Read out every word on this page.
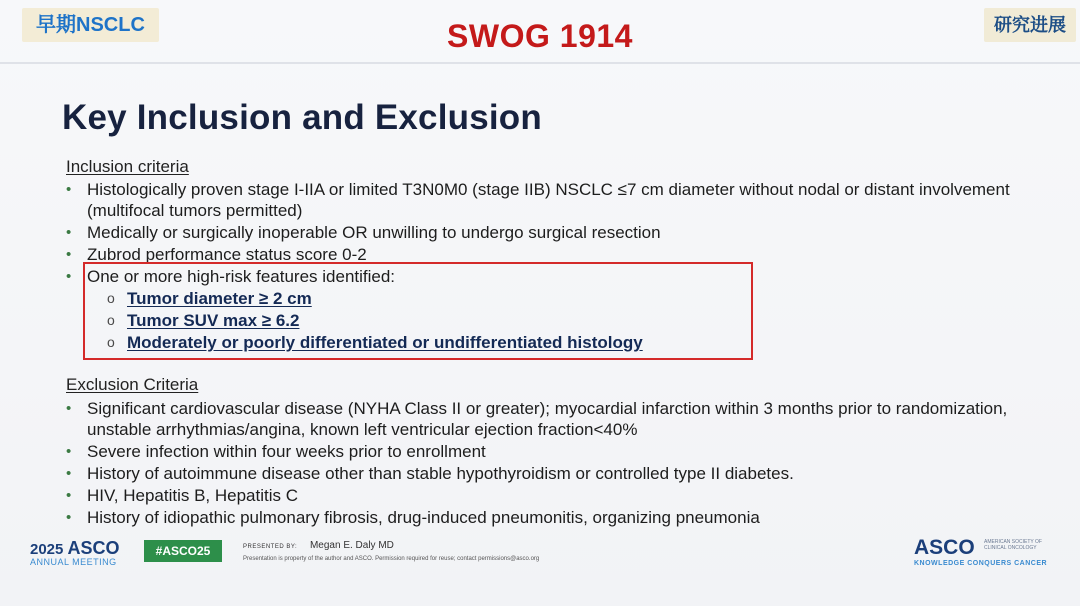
早期NSCLC	SWOG 1914	研究进展
Key Inclusion and Exclusion
Inclusion criteria
• Histologically proven stage I-IIA or limited T3N0M0 (stage IIB) NSCLC ≤7 cm diameter without nodal or distant involvement (multifocal tumors permitted)
• Medically or surgically inoperable OR unwilling to undergo surgical resection
• Zubrod performance status score 0-2
• One or more high-risk features identified:
o Tumor diameter ≥ 2 cm
o Tumor SUV max ≥ 6.2
o Moderately or poorly differentiated or undifferentiated histology
Exclusion Criteria
• Significant cardiovascular disease (NYHA Class II or greater); myocardial infarction within 3 months prior to randomization, unstable arrhythmias/angina, known left ventricular ejection fraction<40%
• Severe infection within four weeks prior to enrollment
• History of autoimmune disease other than stable hypothyroidism or controlled type II diabetes.
• HIV, Hepatitis B, Hepatitis C
• History of idiopathic pulmonary fibrosis, drug-induced pneumonitis, organizing pneumonia
2025 ASCO
ANNUAL MEETING
#ASCO25	PRESENTED BY: Megan E. Daly MD
Presentation is property of the author and ASCO. Permission required for reuse; contact permissions@asco.org	ASCO AMERICAN SOCIETY OF CLINICAL ONCOLOGY
KNOWLEDGE CONQUERS CANCER
